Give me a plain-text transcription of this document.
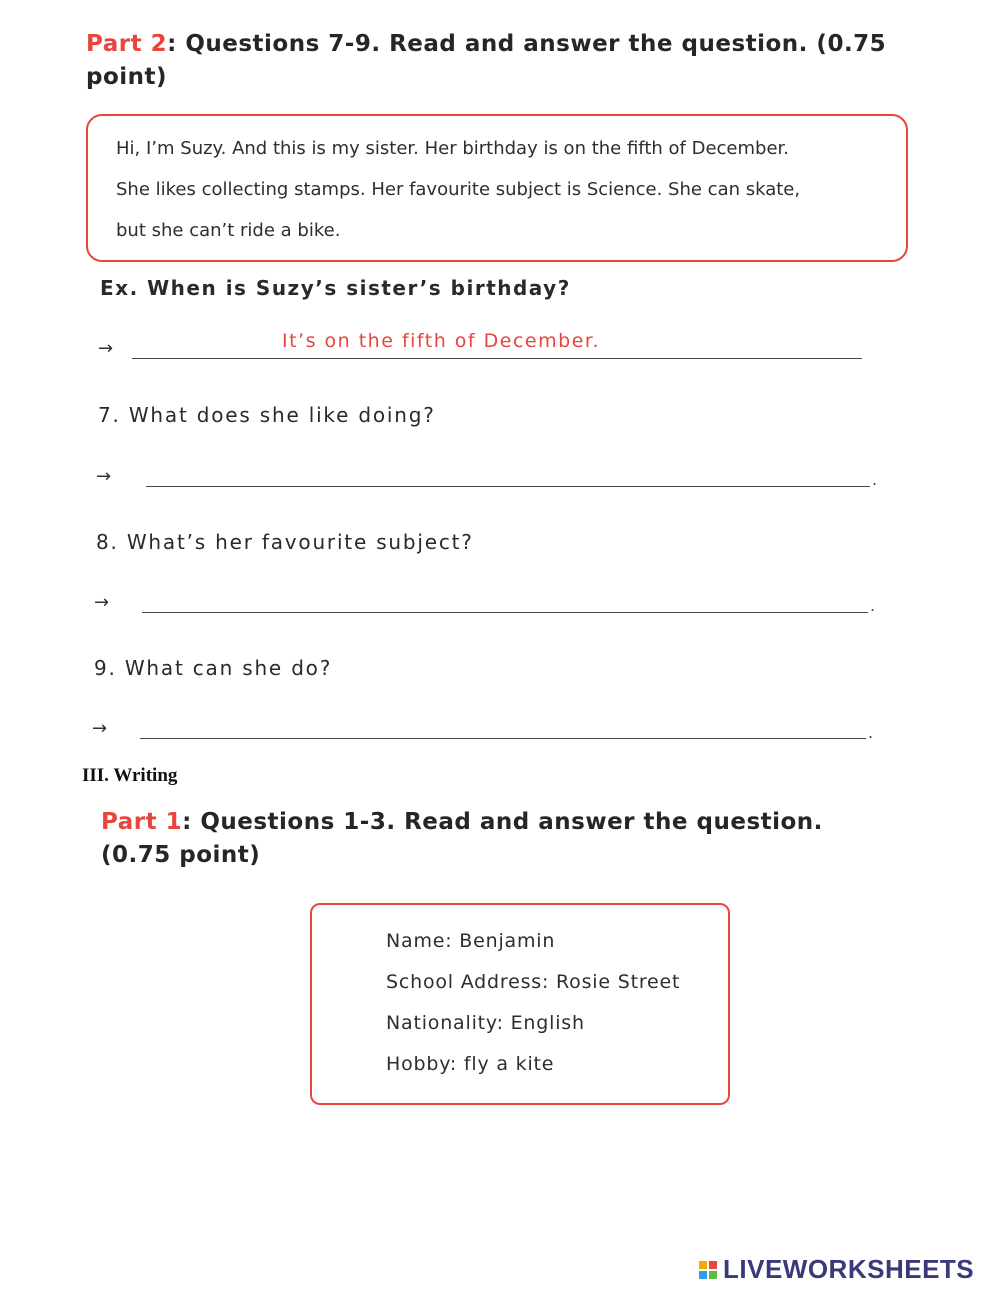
Part 2: Questions 7-9. Read and answer the question. (0.75
point)

Hi, I’m Suzy. And this is my sister. Her birthday is on the fifth of December.

She likes collecting stamps. Her favourite subject is Science. She can skate,

but she can’t ride a bike.

Ex. When is Suzy’s sister’s birthday?
→	It’s on the fifth of December.
7. What does she like doing?
→	.
8. What’s her favourite subject?
→	.
9. What can she do?
→	.
III. Writing
Part 1: Questions 1-3. Read and answer the question.
(0.75 point)

Name: Benjamin

School Address: Rosie Street

Nationality: English

Hobby: fly a kite

LIVEWORKSHEETS
